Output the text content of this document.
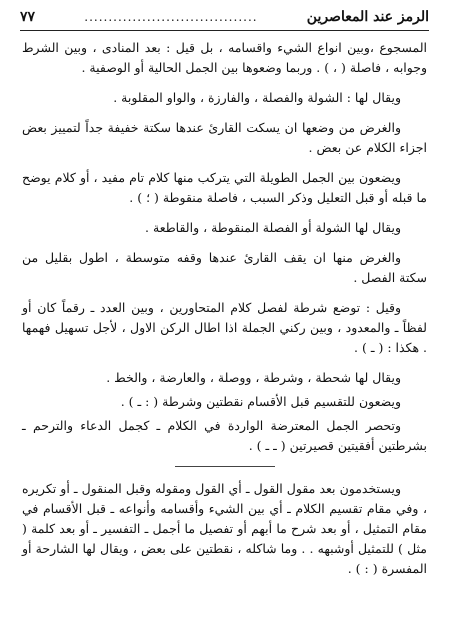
الرمز عند المعاصرين
....................................
٧٧

المسجوع ،وبين انواع الشيء واقسامه ، بل قيل : بعد المنادى ، وبين الشرط وجوابه ، فاصلة ( ، ) . وربما وضعوها بين الجمل الحالية أو الوصفية .

ويقال لها : الشولة والفصلة ، والفارزة ، والواو المقلوبة .

والغرض من وضعها ان يسكت القارئ عندها سكتة خفيفة جداً لتمييز بعض اجزاء الكلام عن بعض .

ويضعون بين الجمل الطويلة التي يتركب منها كلام تام مفيد ، أو كلام يوضح ما قبله أو قبل التعليل وذكر السبب ، فاصلة منقوطة ( ؛ ) .

ويقال لها الشولة أو الفصلة المنقوطة ، والقاطعة .

والغرض منها ان يقف القارئ عندها وقفه متوسطة ، اطول بقليل من سكتة الفصل .

وقيل : توضع شرطة لفصل كلام المتحاورين ، وبين العدد ـ رقماً كان أو لفظاً ـ والمعدود ، وبين ركني الجملة اذا اطال الركن الاول ، لأجل تسهيل فهمها . هكذا : ( ـ ) .

ويقال لها شحطة ، وشرطة ، ووصلة ، والعارضة ، والخط .

ويضعون للتقسيم قبل الأقسام نقطتين وشرطة ( : ـ ) .

وتحصر الجمل المعترضة الواردة في الكلام ـ كجمل الدعاء والترحم ـ بشرطتين أفقيتين قصيرتين ( ـ ـ ) .

ويستخدمون بعد مقول القول ـ أي القول ومقوله وقبل المنقول ـ أو تكريره ، وفي مقام تقسيم الكلام ـ أي بين الشيء وأقسامه وأنواعه ـ قبل الأقسام في مقام التمثيل ، أو بعد شرح ما أبهم أو تفصيل ما أجمل ـ التفسير ـ أو بعد كلمة ( مثل ) للتمثيل أوشبهه . . وما شاكله ، نقطتين على بعض ، ويقال لها الشارحة أو المفسرة ( : ) .
